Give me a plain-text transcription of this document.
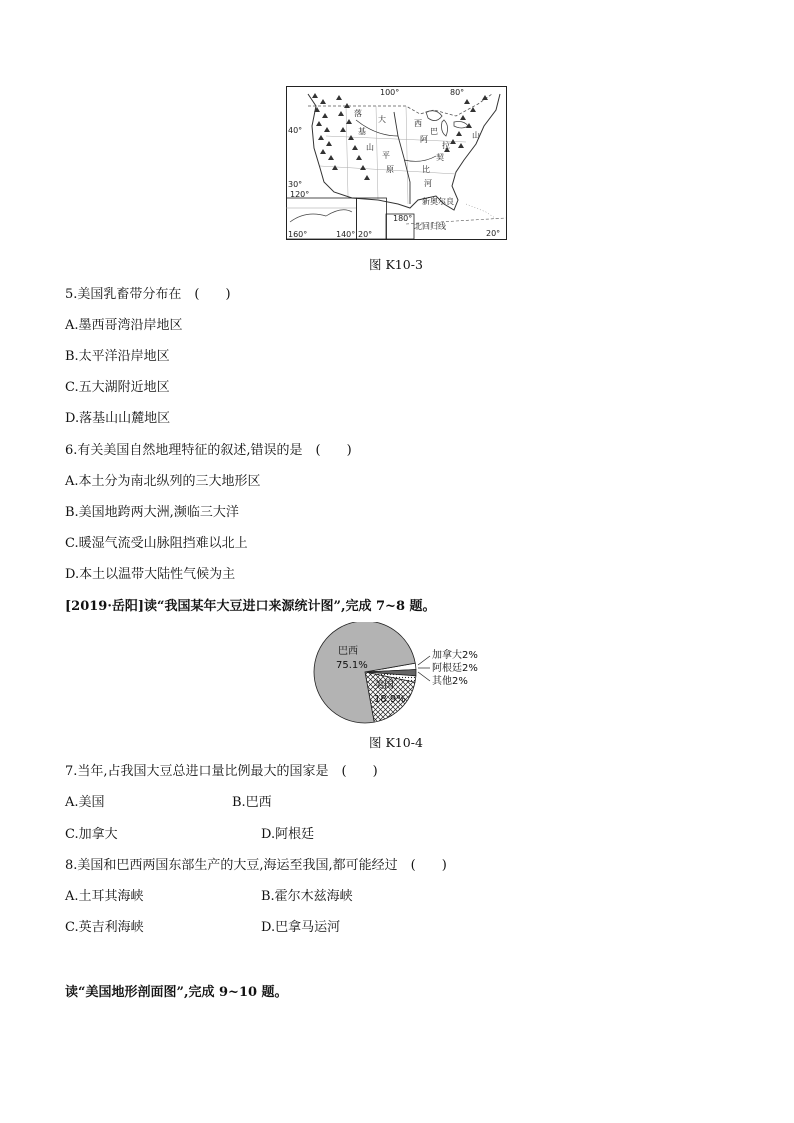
100°	80°
40°
30°
120°
160°	140° 20°
180°
20°
落
基
山
大
平
原
西
比
河
阿
巴
拉
契
山
新奥尔良
北回归线
图 K10-3
5.美国乳畜带分布在　(　　)
A.墨西哥湾沿岸地区
B.太平洋沿岸地区
C.五大湖附近地区
D.落基山山麓地区
6.有关美国自然地理特征的叙述,错误的是　(　　)
A.本土分为南北纵列的三大地形区
B.美国地跨两大洲,濒临三大洋
C.暖湿气流受山脉阻挡难以北上
D.本土以温带大陆性气候为主
[2019·岳阳]读“我国某年大豆进口来源统计图”,完成 7~8 题。
巴西
75.1%
美国
18.9%
加拿大2%
阿根廷2%
其他2%
图 K10-4
7.当年,占我国大豆总进口量比例最大的国家是　(　　)
A.美国	B.巴西
C.加拿大	D.阿根廷
8.美国和巴西两国东部生产的大豆,海运至我国,都可能经过　(　　)
A.土耳其海峡	B.霍尔木兹海峡
C.英吉利海峡	D.巴拿马运河
读“美国地形剖面图”,完成 9~10 题。
